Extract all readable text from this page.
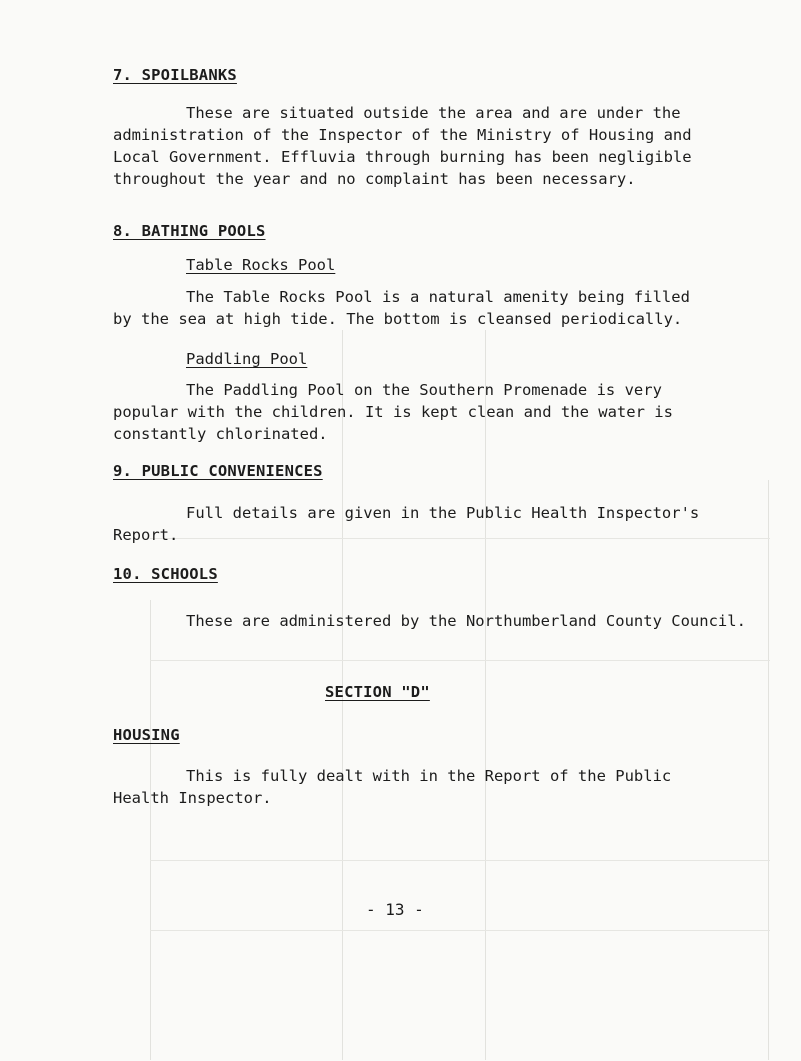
7. SPOILBANKS
These are situated outside the area and are under the
administration of the Inspector of the Ministry of Housing and
Local Government. Effluvia through burning has been negligible
throughout the year and no complaint has been necessary.
8. BATHING POOLS
Table Rocks Pool
The Table Rocks Pool is a natural amenity being filled
by the sea at high tide. The bottom is cleansed periodically.
Paddling Pool
The Paddling Pool on the Southern Promenade is very
popular with the children. It is kept clean and the water is
constantly chlorinated.
9. PUBLIC CONVENIENCES
Full details are given in the Public Health Inspector's
Report.
10. SCHOOLS
These are administered by the Northumberland County Council.
SECTION "D"
HOUSING
This is fully dealt with in the Report of the Public
Health Inspector.
- 13 -
